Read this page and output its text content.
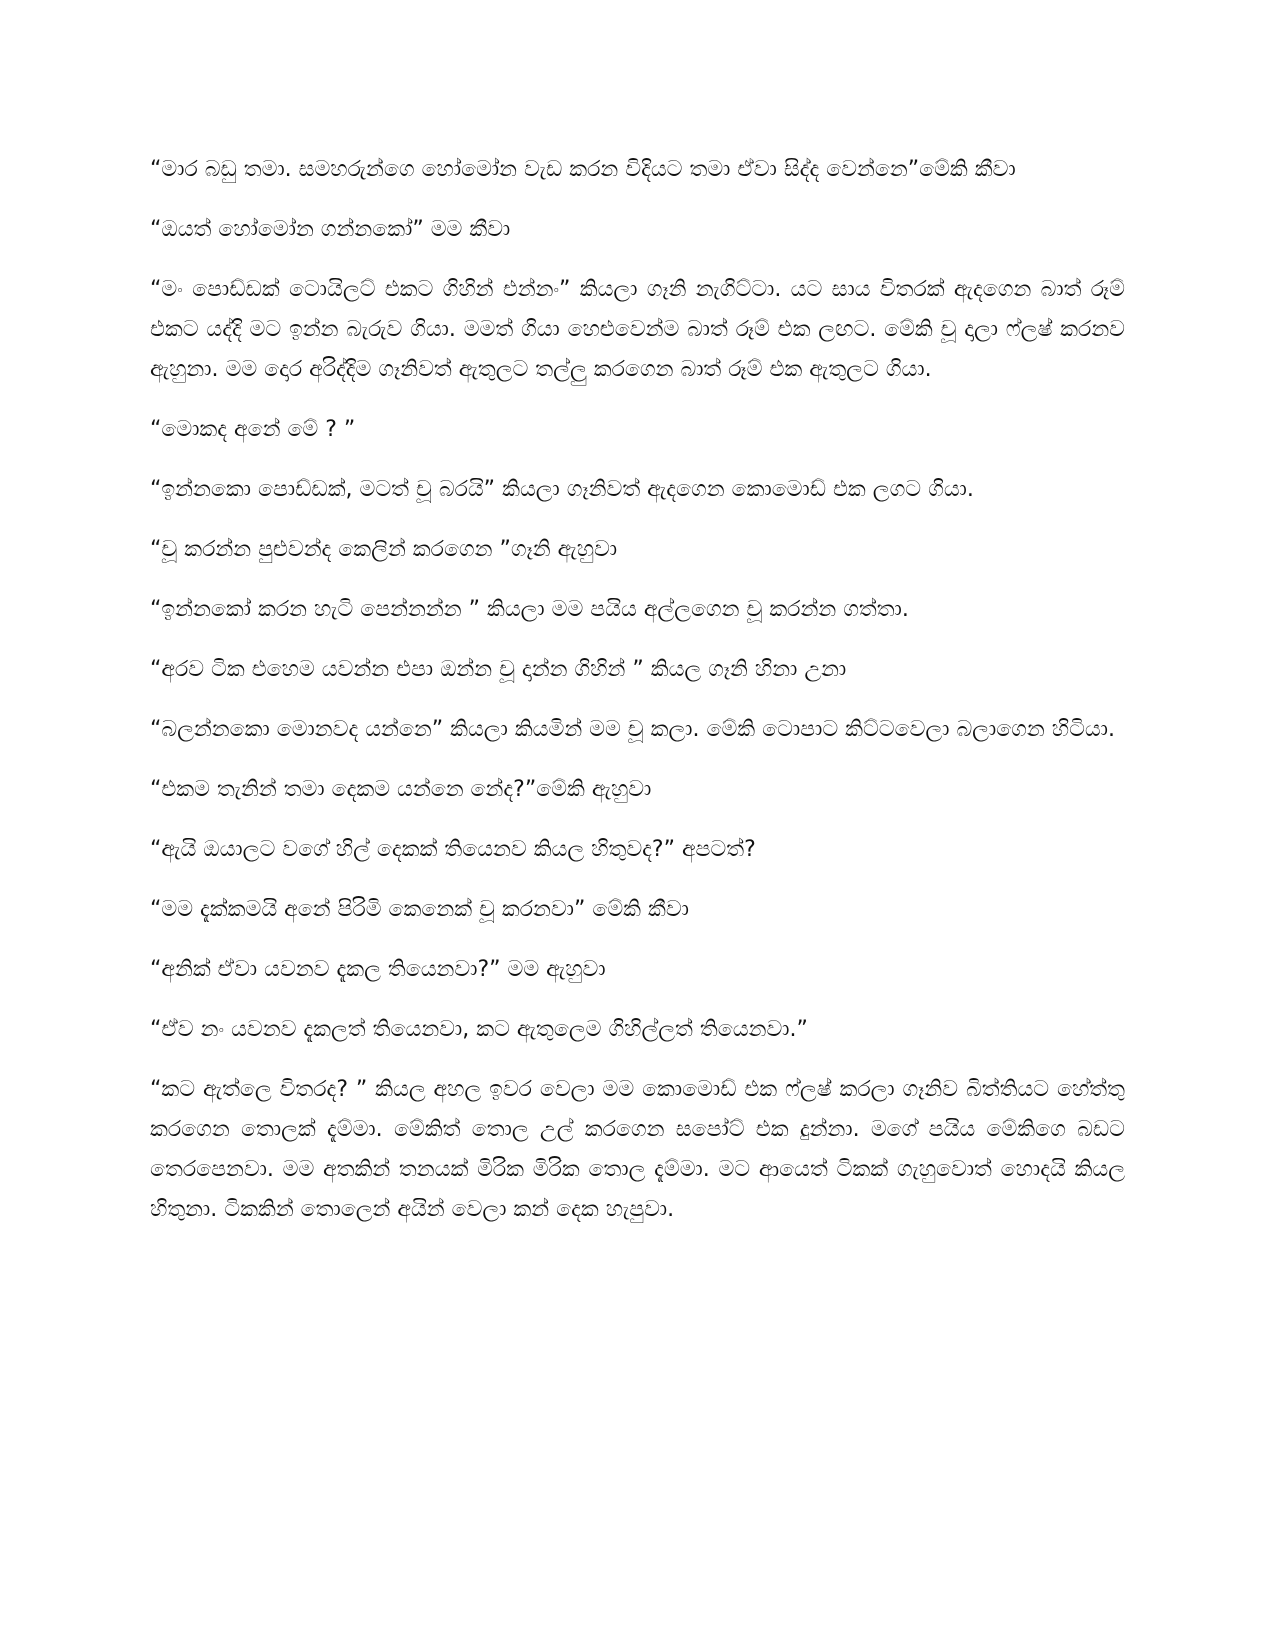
“මාර බඩු තමා. සමහරුන්ගෙ හෝමෝන වැඩ කරන විදියට තමා ඒවා සිද්ද වෙන්නෙ”මේකි කීවා

“ඔයත් හෝමෝන ගන්නකෝ” මම කීවා

“මං පොඩ්ඩක් ටොයිලට් එකට ගිහින් එන්නං” කියලා ගෑනි නැගිට්ටා. යට සාය විතරක් ඇදගෙන බාත් රූම් එකට යද්දි මට ඉන්න බැරුව ගියා. මමත් ගියා හෙළුවෙන්ම බාත් රූම් එක ලඟට. මේකි චූ දාලා ෆ්ලෂ් කරනව ඇහුනා. මම දොර අරිද්දිම ගෑනිවත් ඇතුලට තල්ලු කරගෙන බාත් රූම් එක ඇතුලට ගියා.

“මොකද අනේ මේ ? ”

“ඉන්නකො පොඩ්ඩක්, මටත් චූ බරයි” කියලා ගෑනිවත් ඇදගෙන කොමොඩ් එක ලගට ගියා.

“චූ කරන්න පුළුවන්ද කෙලින් කරගෙන ”ගෑනි ඇහුවා

“ඉන්නකෝ කරන හැටි පෙන්නන්න ” කියලා මම පයිය අල්ලගෙන චූ කරන්න ගත්තා.

“අරව ටික එහෙම යවන්න එපා ඔන්න චූ දාන්න ගිහින් ” කියල ගෑනි හිනා උනා

“බලන්නකො මොනවද යන්නෙ” කියලා කියමින් මම චූ කලා. මේකි ටොපාට කිට්ටවෙලා බලාගෙන හිටියා.

“එකම තැනින් තමා දෙකම යන්නෙ නේද?”මේකි ඇහුවා

“ඇයි ඔයාලට වගේ හිල් දෙකක් තියෙනව කියල හිතුවද?” අපටත්?

“මම දැක්කමයි අනේ පිරිමි කෙනෙක් චූ කරනවා” මේකි කීවා

“අනික් ඒවා යවනව දැකල තියෙනවා?” මම ඇහුවා

“ඒව නං යවනව දැකලත් තියෙනවා, කට ඇතුලෙම ගිහිල්ලත් තියෙනවා.”

“කට ඇත්ලෙ විතරද? ” කියල අහල ඉවර වෙලා මම කොමොඩ් එක ෆ්ලෂ් කරලා ගෑනිව බිත්තියට හේත්තු කරගෙන තොලක් දැම්මා. මේකිත් තොල උල් කරගෙන සපෝට් එක දුන්නා. මගේ පයිය මේකිගෙ බඩට තෙරපෙනවා. මම අතකින් තනයක් මිරික මිරික තොල දැම්මා. මට ආයෙත් ටිකක් ගැහුවොත් හොදයි කියල හිතුනා. ටිකකින් තොලෙන් අයින් වෙලා කන් දෙක හැපුවා.
